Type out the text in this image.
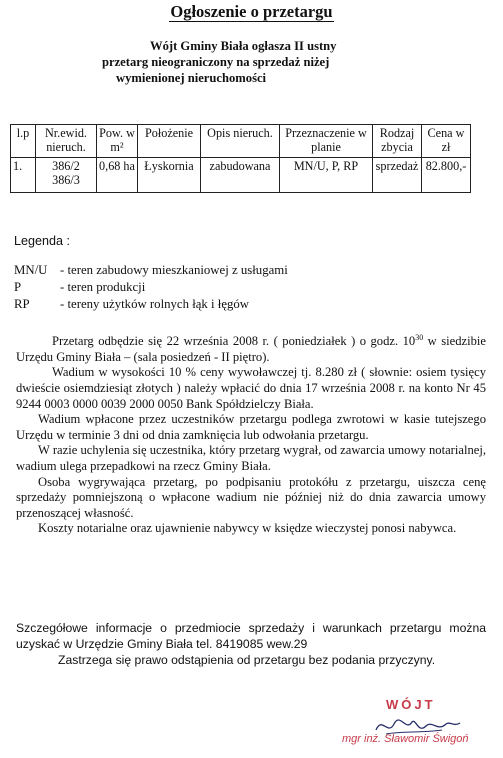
Ogłoszenie o przetargu
Wójt Gminy Biała ogłasza II ustny
przetarg nieograniczony na sprzedaż niżej
wymienionej nieruchomości
l.p	Nr.ewid. nieruch.	Pow. w m²	Położenie	Opis nieruch.	Przeznaczenie w planie	Rodzaj zbycia	Cena w zł
1.	386/2 386/3	0,68 ha	Łyskornia	zabudowana	MN/U, P, RP	sprzedaż	82.800,-
Legenda :
MN/U - teren zabudowy mieszkaniowej z usługami
P	- teren produkcji
RP	- tereny użytków rolnych łąk i łęgów

Przetarg odbędzie się 22 września 2008 r. ( poniedziałek ) o godz. $10^{30}$ w siedzibie Urzędu Gminy Biała – (sala posiedzeń - II piętro).

Wadium w wysokości 10 % ceny wywoławczej tj. 8.280 zł ( słownie: osiem tysięcy dwieście osiemdziesiąt złotych ) należy wpłacić do dnia 17 września 2008 r. na konto Nr 45 9244 0003 0000 0039 2000 0050 Bank Spółdzielczy Biała.

Wadium wpłacone przez uczestników przetargu podlega zwrotowi w kasie tutejszego Urzędu w terminie 3 dni od dnia zamknięcia lub odwołania przetargu.

W razie uchylenia się uczestnika, który przetarg wygrał, od zawarcia umowy notarialnej, wadium ulega przepadkowi na rzecz Gminy Biała.

Osoba wygrywająca przetarg, po podpisaniu protokółu z przetargu, uiszcza cenę sprzedaży pomniejszoną o wpłacone wadium nie później niż do dnia zawarcia umowy przenoszącej własność.

Koszty notarialne oraz ujawnienie nabywcy w księdze wieczystej ponosi nabywca.

Szczegółowe informacje o przedmiocie sprzedaży i warunkach przetargu można uzyskać w Urzędzie Gminy Biała tel. 8419085 wew.29

Zastrzega się prawo odstąpienia od przetargu bez podania przyczyny.

WÓJT
mgr inż. Sławomir Świgoń
